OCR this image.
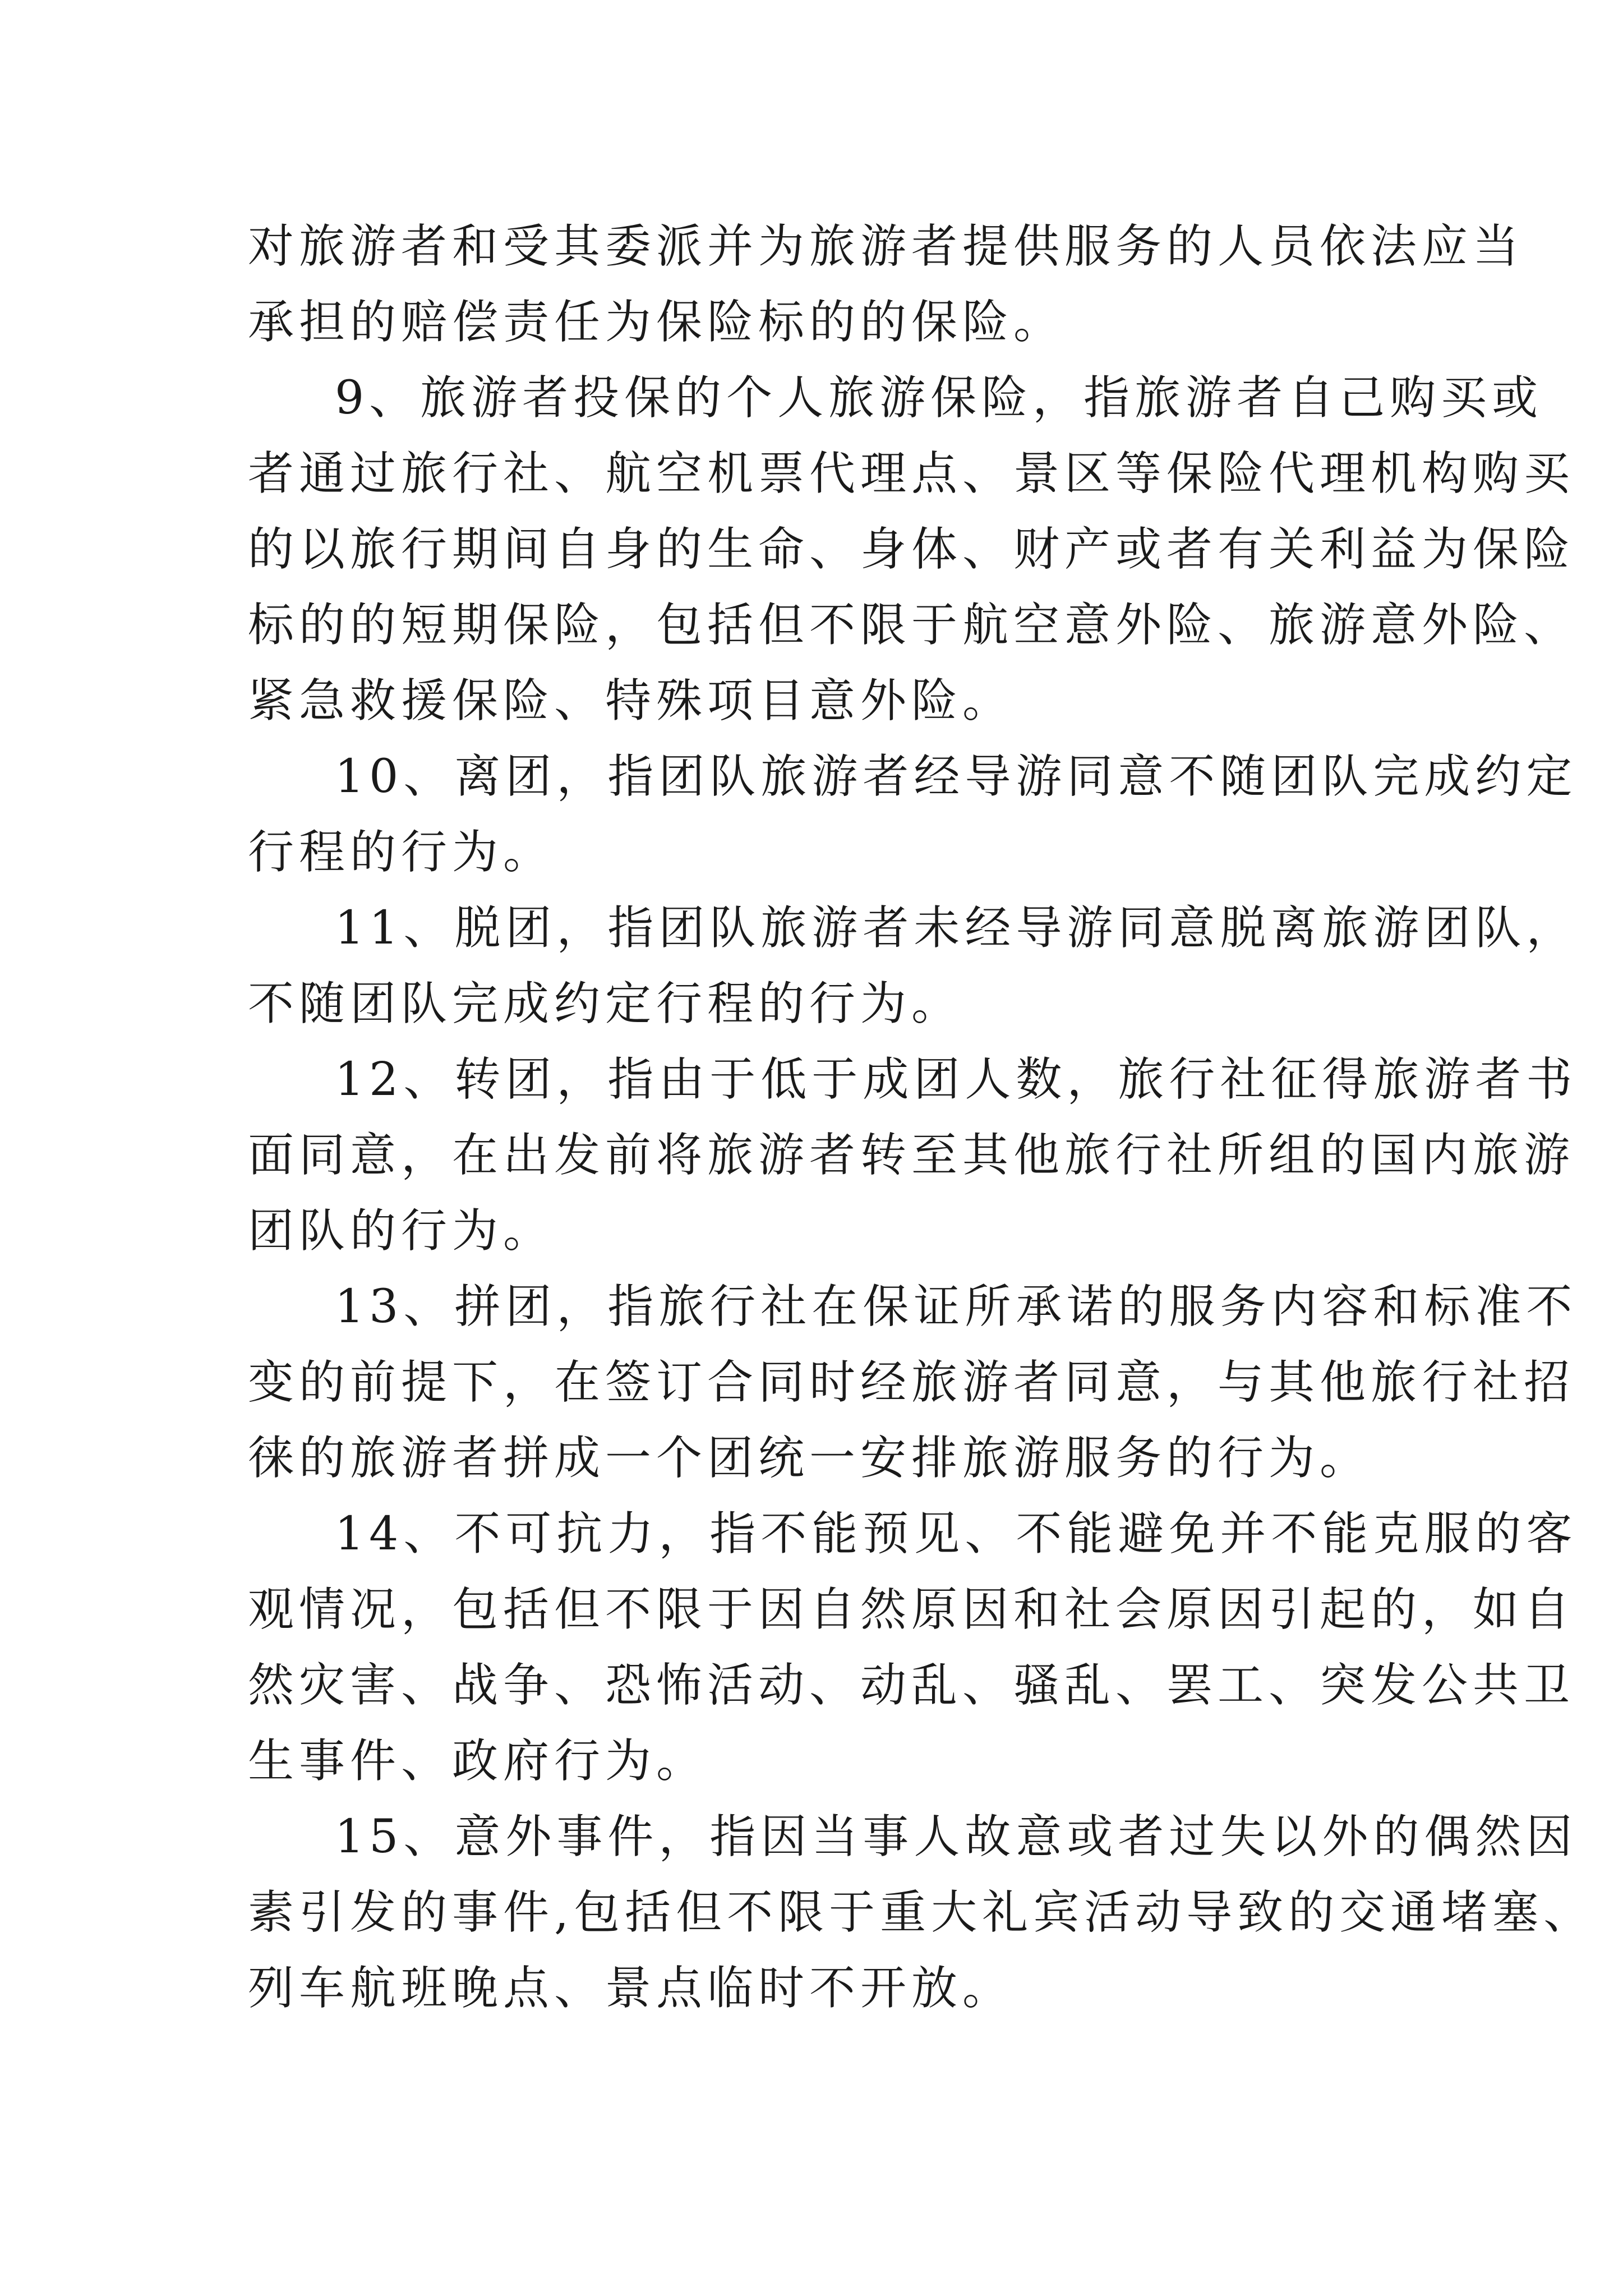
对旅游者和受其委派并为旅游者提供服务的人员依法应当
承担的赔偿责任为保险标的的保险。
9、旅游者投保的个人旅游保险，指旅游者自己购买或
者通过旅行社、航空机票代理点、景区等保险代理机构购买
的以旅行期间自身的生命、身体、财产或者有关利益为保险
标的的短期保险，包括但不限于航空意外险、旅游意外险、
紧急救援保险、特殊项目意外险。
10、离团，指团队旅游者经导游同意不随团队完成约定
行程的行为。
11、脱团，指团队旅游者未经导游同意脱离旅游团队，
不随团队完成约定行程的行为。
12、转团，指由于低于成团人数，旅行社征得旅游者书
面同意，在出发前将旅游者转至其他旅行社所组的国内旅游
团队的行为。
13、拼团，指旅行社在保证所承诺的服务内容和标准不
变的前提下，在签订合同时经旅游者同意，与其他旅行社招
徕的旅游者拼成一个团统一安排旅游服务的行为。
14、不可抗力，指不能预见、不能避免并不能克服的客
观情况，包括但不限于因自然原因和社会原因引起的，如自
然灾害、战争、恐怖活动、动乱、骚乱、罢工、突发公共卫
生事件、政府行为。
15、意外事件，指因当事人故意或者过失以外的偶然因
素引发的事件,包括但不限于重大礼宾活动导致的交通堵塞、
列车航班晚点、景点临时不开放。
